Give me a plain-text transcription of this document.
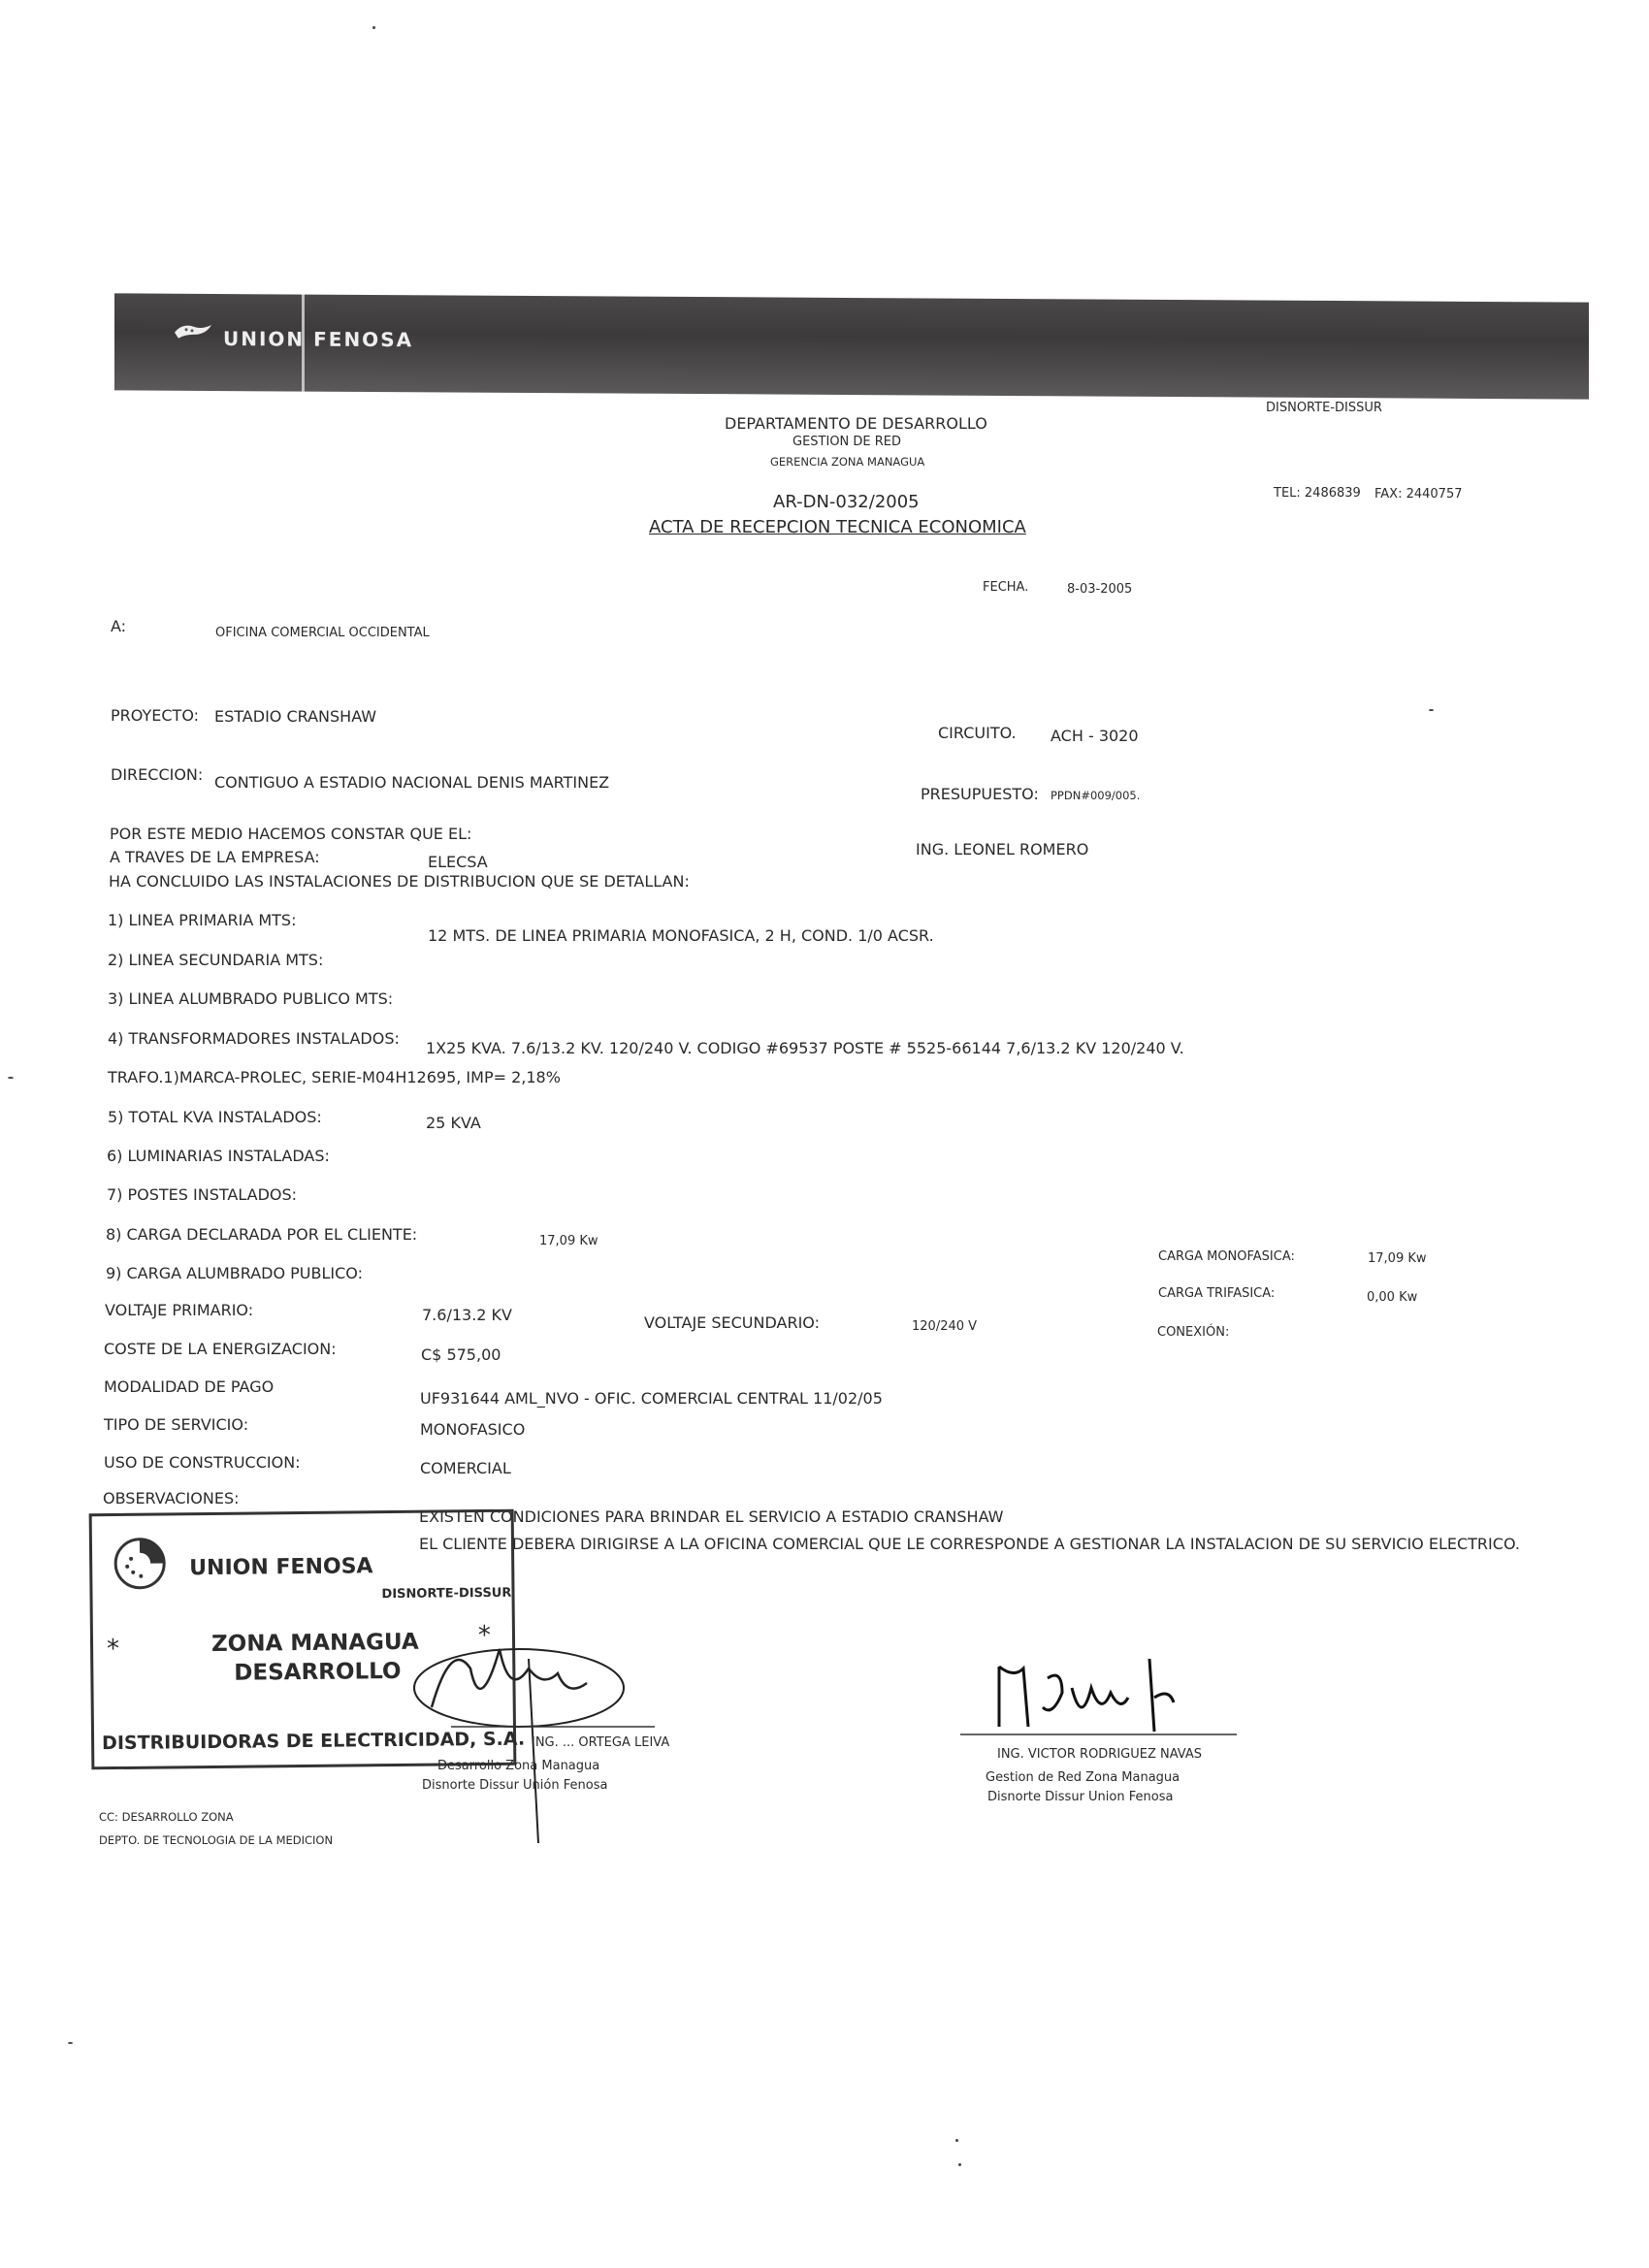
UNION FENOSA
DISNORTE-DISSUR
DEPARTAMENTO DE DESARROLLO
GESTION DE RED
GERENCIA ZONA MANAGUA
TEL: 2486839 FAX: 2440757
AR-DN-032/2005
ACTA DE RECEPCION TECNICA ECONOMICA
FECHA.	8-03-2005
A:	OFICINA COMERCIAL OCCIDENTAL
PROYECTO: ESTADIO CRANSHAW
CIRCUITO. ACH - 3020
DIRECCION: CONTIGUO A ESTADIO NACIONAL DENIS MARTINEZ
PRESUPUESTO: PPDN#009/005.
POR ESTE MEDIO HACEMOS CONSTAR QUE EL:
ING. LEONEL ROMERO
A TRAVES DE LA EMPRESA:	ELECSA
HA CONCLUIDO LAS INSTALACIONES DE DISTRIBUCION QUE SE DETALLAN:
1) LINEA PRIMARIA MTS:
12 MTS. DE LINEA PRIMARIA MONOFASICA, 2 H, COND. 1/0 ACSR.
2) LINEA SECUNDARIA MTS:
3) LINEA ALUMBRADO PUBLICO MTS:
4) TRANSFORMADORES INSTALADOS:
1X25 KVA. 7.6/13.2 KV. 120/240 V. CODIGO #69537 POSTE # 5525-66144 7,6/13.2 KV 120/240 V.
TRAFO.1)MARCA-PROLEC, SERIE-M04H12695, IMP= 2,18%
5) TOTAL KVA INSTALADOS:	25 KVA
6) LUMINARIAS INSTALADAS:
7) POSTES INSTALADOS:
8) CARGA DECLARADA POR EL CLIENTE:	17,09 Kw
9) CARGA ALUMBRADO PUBLICO:
CARGA MONOFASICA:	17,09 Kw
CARGA TRIFASICA:	0,00 Kw
CONEXIÓN:
VOLTAJE PRIMARIO:	7.6/13.2 KV	VOLTAJE SECUNDARIO:	120/240 V
COSTE DE LA ENERGIZACION:	C$ 575,00
MODALIDAD DE PAGO
UF931644 AML_NVO - OFIC. COMERCIAL CENTRAL 11/02/05
TIPO DE SERVICIO:	MONOFASICO
USO DE CONSTRUCCION:	COMERCIAL
OBSERVACIONES:
EXISTEN CONDICIONES PARA BRINDAR EL SERVICIO A ESTADIO CRANSHAW
EL CLIENTE DEBERA DIRIGIRSE A LA OFICINA COMERCIAL QUE LE CORRESPONDE A GESTIONAR LA INSTALACION DE SU SERVICIO ELECTRICO.
UNION FENOSA
DISNORTE-DISSUR
*	*
ZONA MANAGUA
DESARROLLO
DISTRIBUIDORAS DE ELECTRICIDAD, S.A. ING. ... ORTEGA LEIVA
Desarrollo Zona Managua
Disnorte Dissur Unión Fenosa
ING. VICTOR RODRIGUEZ NAVAS
Gestion de Red Zona Managua
Disnorte Dissur Union Fenosa
CC: DESARROLLO ZONA
DEPTO. DE TECNOLOGIA DE LA MEDICION
